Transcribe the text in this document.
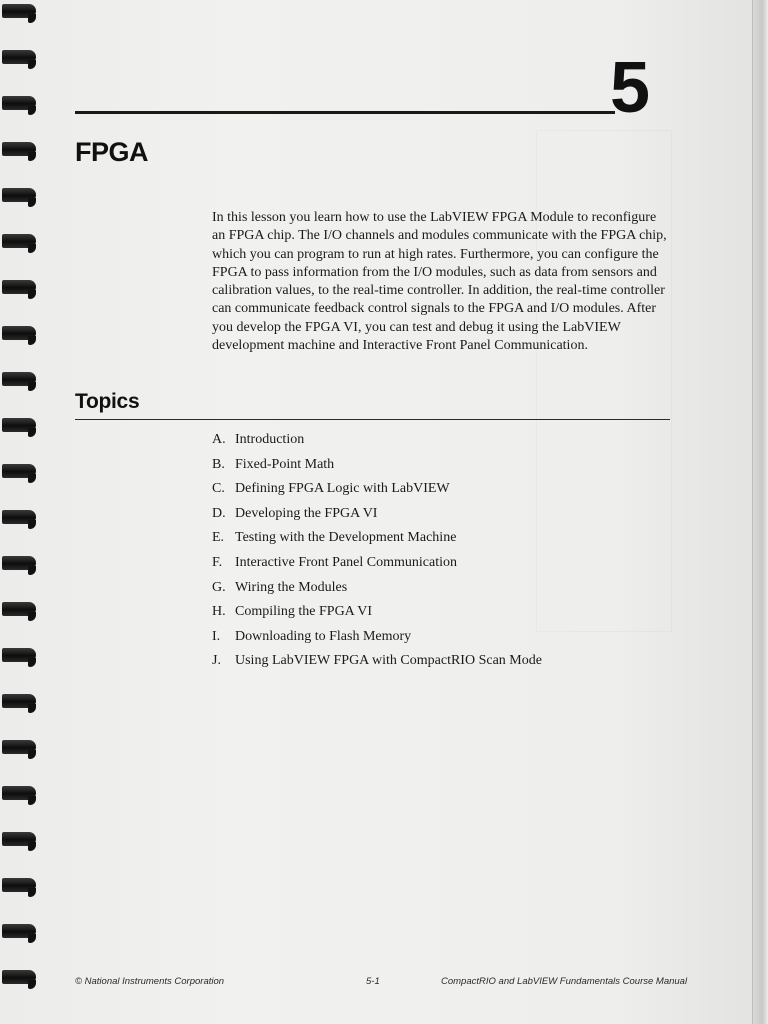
5
FPGA

In this lesson you learn how to use the LabVIEW FPGA Module to reconfigure an FPGA chip. The I/O channels and modules communicate with the FPGA chip, which you can program to run at high rates. Furthermore, you can configure the FPGA to pass information from the I/O modules, such as data from sensors and calibration values, to the real-time controller. In addition, the real-time controller can communicate feedback control signals to the FPGA and I/O modules. After you develop the FPGA VI, you can test and debug it using the LabVIEW development machine and Interactive Front Panel Communication.

Topics
A. Introduction
B. Fixed-Point Math
C. Defining FPGA Logic with LabVIEW
D. Developing the FPGA VI
E. Testing with the Development Machine
F. Interactive Front Panel Communication
G. Wiring the Modules
H. Compiling the FPGA VI
I. Downloading to Flash Memory
J. Using LabVIEW FPGA with CompactRIO Scan Mode
© National Instruments Corporation	5-1	CompactRIO and LabVIEW Fundamentals Course Manual
